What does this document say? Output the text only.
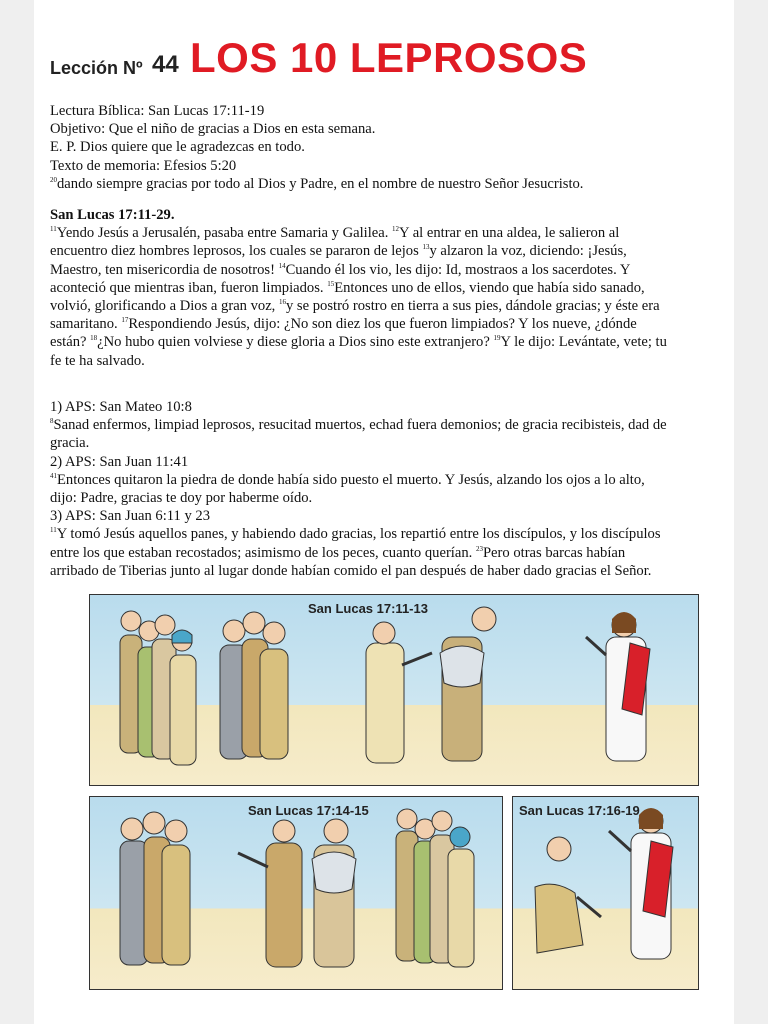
Lección Nº 44 LOS 10 LEPROSOS

Lectura Bíblica: San Lucas 17:11-19

Objetivo: Que el niño de gracias a Dios en esta semana.

E. P. Dios quiere que le agradezcas en todo.

Texto de memoria: Efesios 5:20

$^{20}$dando siempre gracias por todo al Dios y Padre, en el nombre de nuestro Señor Jesucristo.

San Lucas 17:11-29.

$^{11}$Yendo Jesús a Jerusalén, pasaba entre Samaria y Galilea. $^{12}$Y al entrar en una aldea, le salieron al encuentro diez hombres leprosos, los cuales se pararon de lejos $^{13}$y alzaron la voz, diciendo: ¡Jesús, Maestro, ten misericordia de nosotros! $^{14}$Cuando él los vio, les dijo: Id, mostraos a los sacerdotes. Y aconteció que mientras iban, fueron limpiados. $^{15}$Entonces uno de ellos, viendo que había sido sanado, volvió, glorificando a Dios a gran voz, $^{16}$y se postró rostro en tierra a sus pies, dándole gracias; y éste era samaritano. $^{17}$Respondiendo Jesús, dijo: ¿No son diez los que fueron limpiados? Y los nueve, ¿dónde están? $^{18}$¿No hubo quien volviese y diese gloria a Dios sino este extranjero? $^{19}$Y le dijo: Levántate, vete; tu fe te ha salvado.

1) APS: San Mateo 10:8

$^8$Sanad enfermos, limpiad leprosos, resucitad muertos, echad fuera demonios; de gracia recibisteis, dad de gracia.

2) APS: San Juan 11:41

$^{41}$Entonces quitaron la piedra de donde había sido puesto el muerto. Y Jesús, alzando los ojos a lo alto, dijo: Padre, gracias te doy por haberme oído.

3) APS: San Juan 6:11 y 23

$^{11}$Y tomó Jesús aquellos panes, y habiendo dado gracias, los repartió entre los discípulos, y los discípulos entre los que estaban recostados; asimismo de los peces, cuanto querían. $^{23}$Pero otras barcas habían arribado de Tiberias junto al lugar donde habían comido el pan después de haber dado gracias el Señor.

San Lucas 17:11-13
San Lucas 17:14-15	San Lucas 17:16-19
